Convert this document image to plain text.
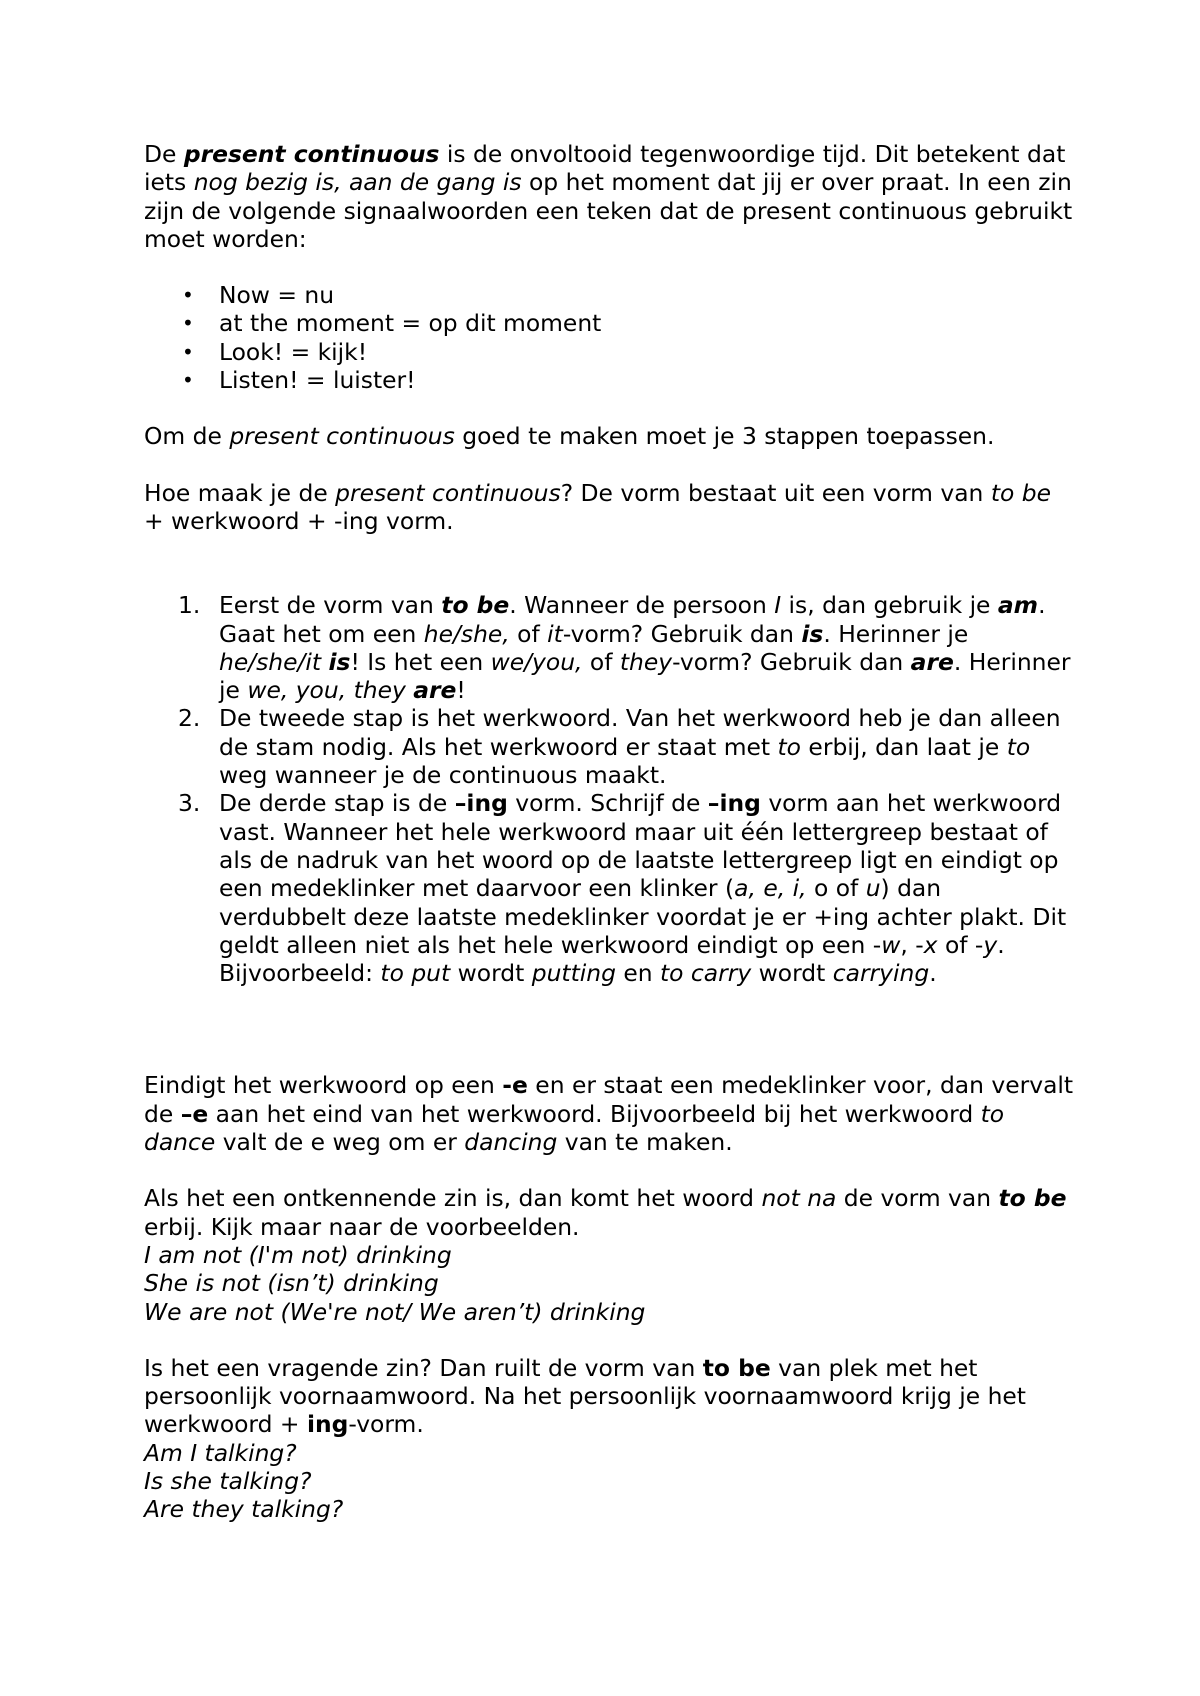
De present continuous is de onvoltooid tegenwoordige tijd. Dit betekent dat iets nog bezig is, aan de gang is op het moment dat jij er over praat. In een zin zijn de volgende signaalwoorden een teken dat de present continuous gebruikt moet worden:

• Now = nu
• at the moment = op dit moment
• Look! = kijk!
• Listen! = luister!

Om de present continuous goed te maken moet je 3 stappen toepassen.

Hoe maak je de present continuous? De vorm bestaat uit een vorm van to be + werkwoord + -ing vorm.

1. Eerst de vorm van to be. Wanneer de persoon I is, dan gebruik je am. Gaat het om een he/she, of it-vorm? Gebruik dan is. Herinner je he/she/it is! Is het een we/you, of they-vorm? Gebruik dan are. Herinner je we, you, they are!
2. De tweede stap is het werkwoord. Van het werkwoord heb je dan alleen de stam nodig. Als het werkwoord er staat met to erbij, dan laat je to weg wanneer je de continuous maakt.
3. De derde stap is de –ing vorm. Schrijf de –ing vorm aan het werkwoord vast. Wanneer het hele werkwoord maar uit één lettergreep bestaat of als de nadruk van het woord op de laatste lettergreep ligt en eindigt op een medeklinker met daarvoor een klinker (a, e, i, o of u) dan verdubbelt deze laatste medeklinker voordat je er +ing achter plakt. Dit geldt alleen niet als het hele werkwoord eindigt op een -w, -x of -y. Bijvoorbeeld: to put wordt putting en to carry wordt carrying.

Eindigt het werkwoord op een -e en er staat een medeklinker voor, dan vervalt de –e aan het eind van het werkwoord. Bijvoorbeeld bij het werkwoord to dance valt de e weg om er dancing van te maken.

Als het een ontkennende zin is, dan komt het woord not na de vorm van to be erbij. Kijk maar naar de voorbeelden.

I am not (I'm not) drinking

She is not (isn’t) drinking

We are not (We're not/ We aren’t) drinking

Is het een vragende zin? Dan ruilt de vorm van to be van plek met het persoonlijk voornaamwoord. Na het persoonlijk voornaamwoord krijg je het werkwoord + ing-vorm.

Am I talking?

Is she talking?

Are they talking?
